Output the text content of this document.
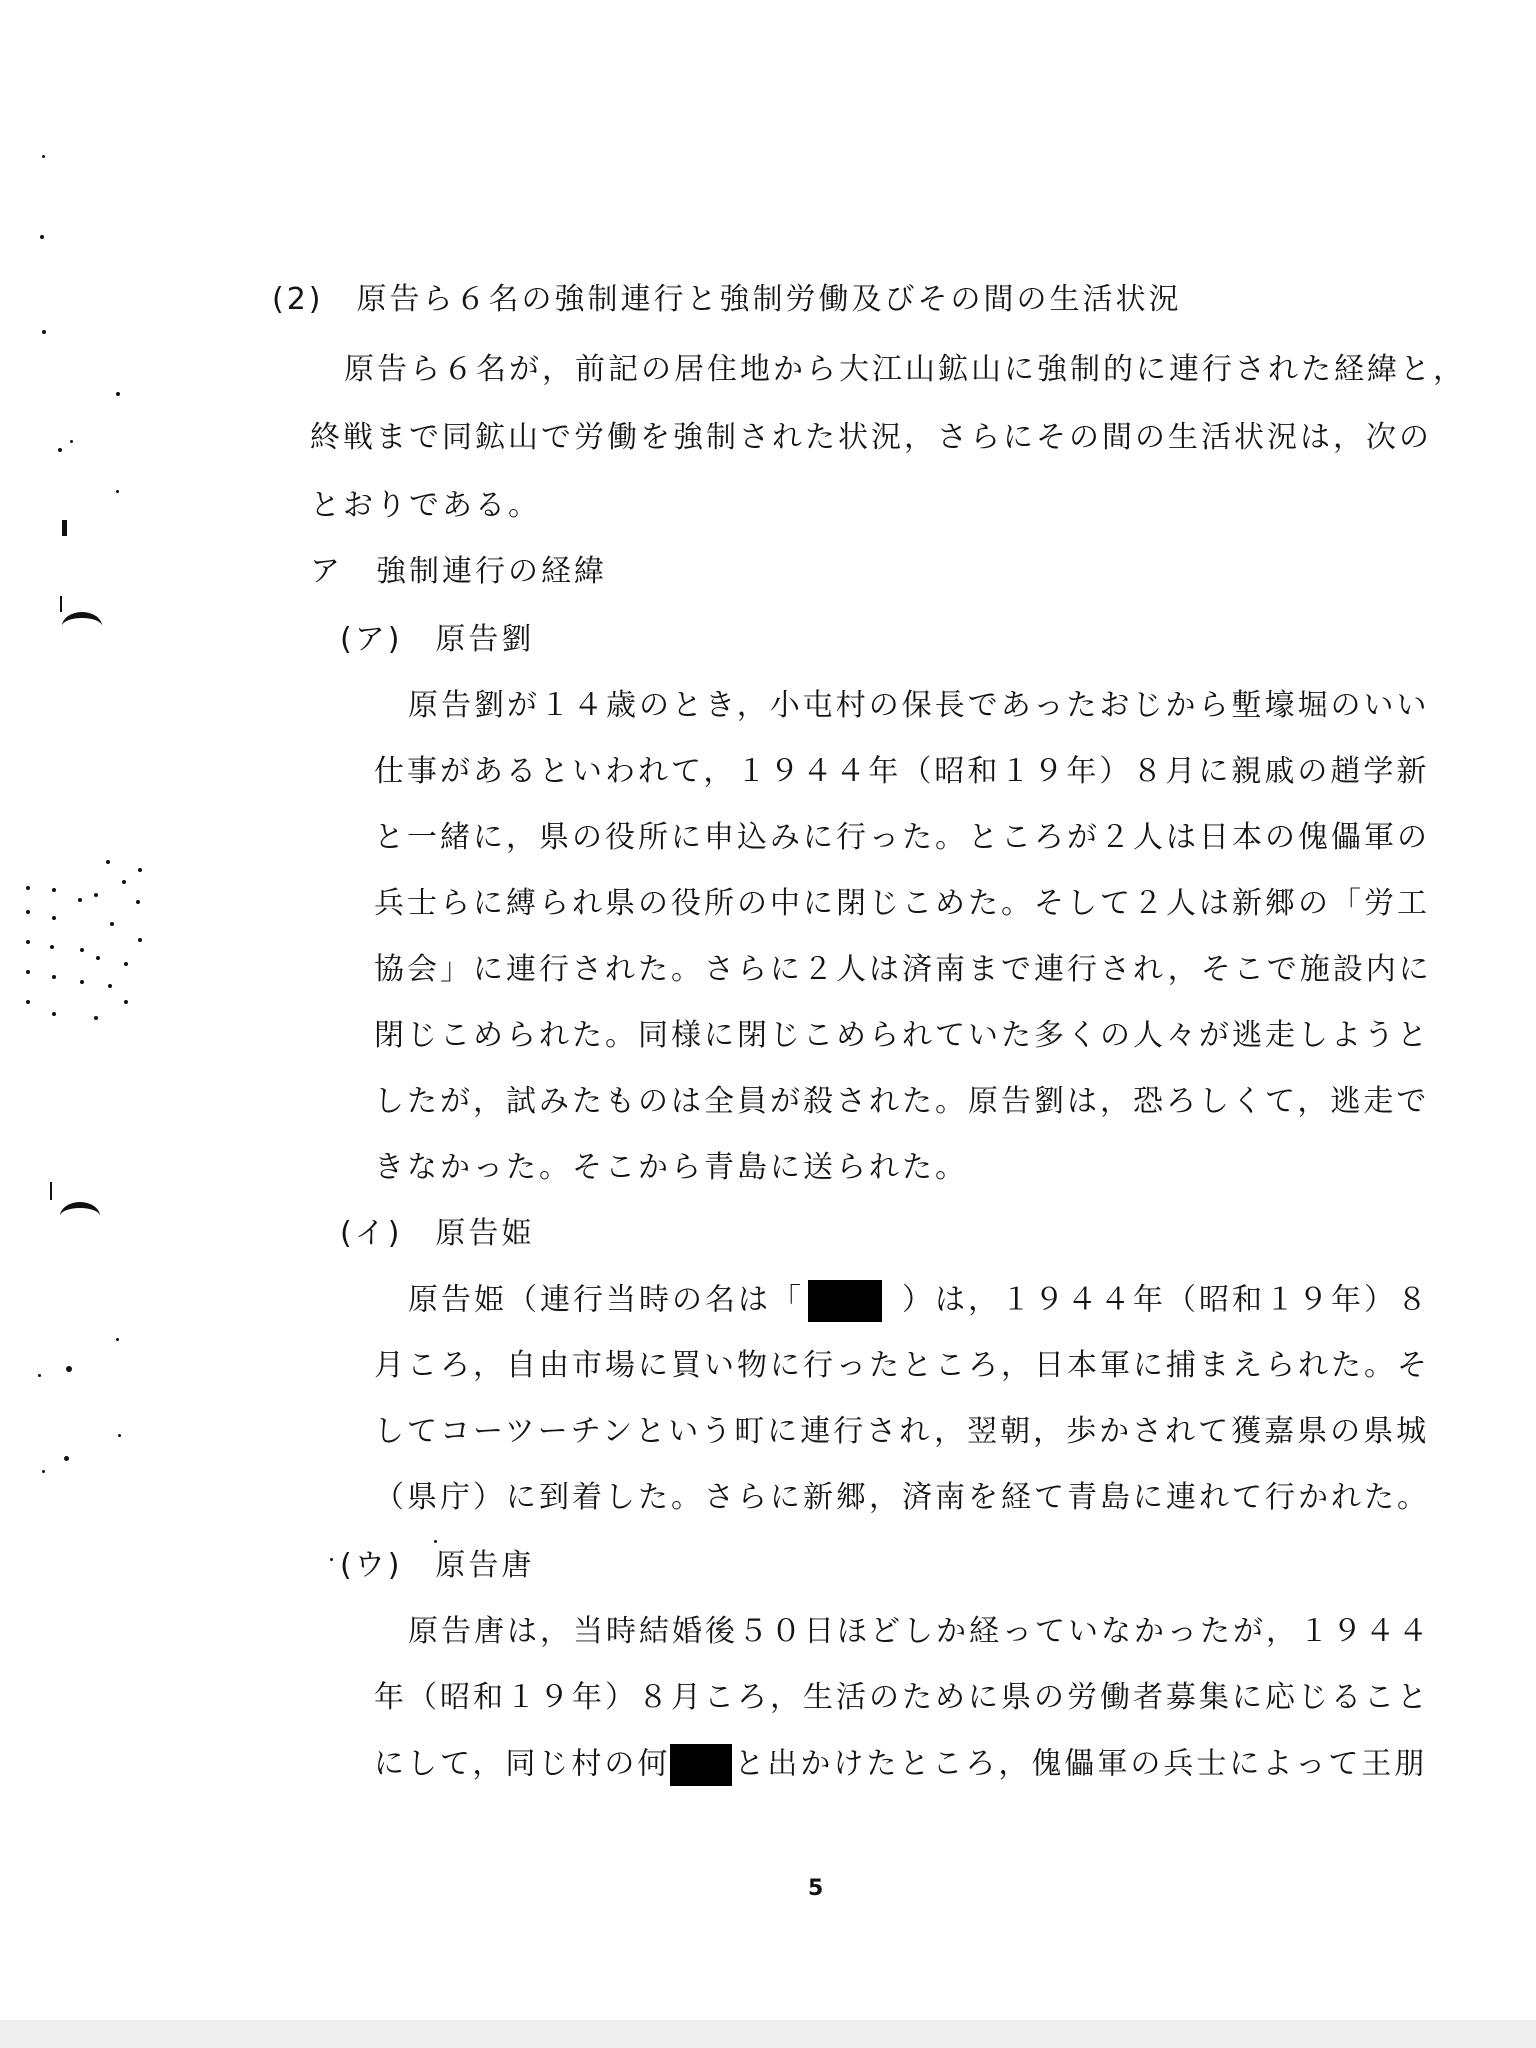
(2)　原告ら６名の強制連行と強制労働及びその間の生活状況
原告ら６名が，前記の居住地から大江山鉱山に強制的に連行された経緯と，
終戦まで同鉱山で労働を強制された状況，さらにその間の生活状況は，次の
とおりである。
ア　強制連行の経緯
(ア)　原告劉
原告劉が１４歳のとき，小屯村の保長であったおじから塹壕堀のいい
仕事があるといわれて，１９４４年（昭和１９年）８月に親戚の趙学新
と一緒に，県の役所に申込みに行った。ところが２人は日本の傀儡軍の
兵士らに縛られ県の役所の中に閉じこめた。そして２人は新郷の「労工
協会」に連行された。さらに２人は済南まで連行され，そこで施設内に
閉じこめられた。同様に閉じこめられていた多くの人々が逃走しようと
したが，試みたものは全員が殺された。原告劉は，恐ろしくて，逃走で
きなかった。そこから青島に送られた。
(イ)　原告姫
原告姫（連行当時の名は「	）は，１９４４年（昭和１９年）８
月ころ，自由市場に買い物に行ったところ，日本軍に捕まえられた。そ
してコーツーチンという町に連行され，翌朝，歩かされて獲嘉県の県城
（県庁）に到着した。さらに新郷，済南を経て青島に連れて行かれた。
(ウ)　原告唐
原告唐は，当時結婚後５０日ほどしか経っていなかったが，１９４４
年（昭和１９年）８月ころ，生活のために県の労働者募集に応じること
にして，同じ村の何 と出かけたところ，傀儡軍の兵士によって王朋
5
